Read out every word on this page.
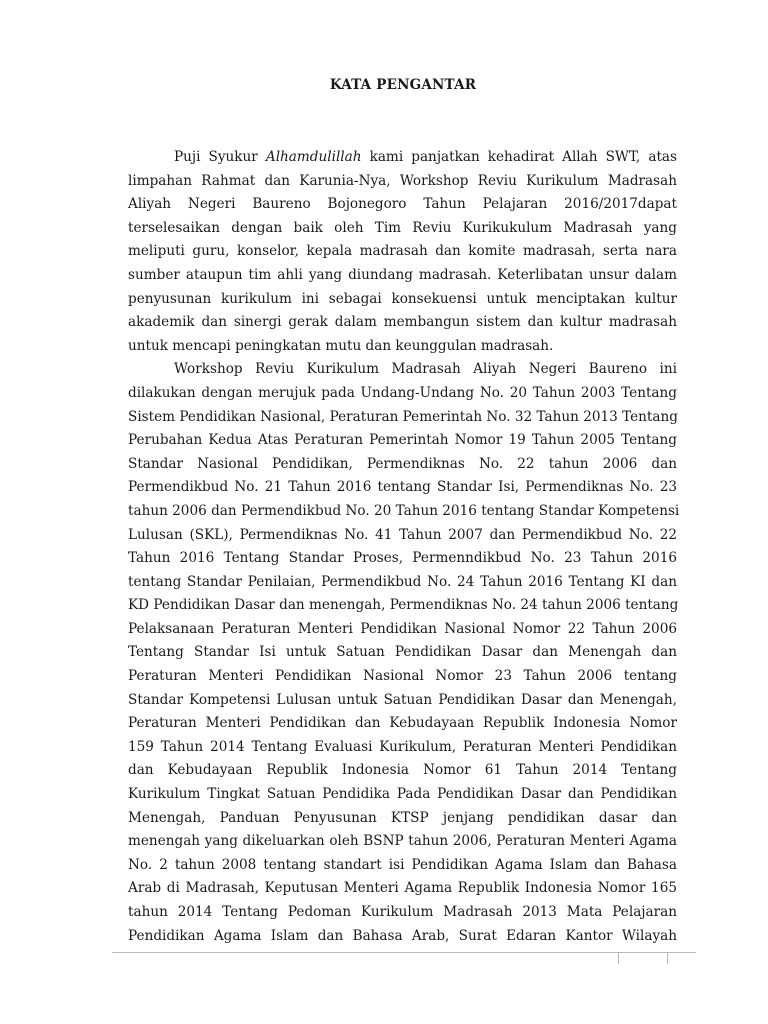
KATA PENGANTAR
Puji Syukur Alhamdulillah kami panjatkan kehadirat Allah SWT, atas
limpahan Rahmat dan Karunia-Nya, Workshop Reviu Kurikulum Madrasah
Aliyah Negeri Baureno Bojonegoro Tahun Pelajaran 2016/2017dapat
terselesaikan dengan baik oleh Tim Reviu Kurikukulum Madrasah yang
meliputi guru, konselor, kepala madrasah dan komite madrasah, serta nara
sumber ataupun tim ahli yang diundang madrasah. Keterlibatan unsur dalam
penyusunan kurikulum ini sebagai konsekuensi untuk menciptakan kultur
akademik dan sinergi gerak dalam membangun sistem dan kultur madrasah
untuk mencapi peningkatan mutu dan keunggulan madrasah.
Workshop Reviu Kurikulum Madrasah Aliyah Negeri Baureno ini
dilakukan dengan merujuk pada Undang-Undang No. 20 Tahun 2003 Tentang
Sistem Pendidikan Nasional, Peraturan Pemerintah No. 32 Tahun 2013 Tentang
Perubahan Kedua Atas Peraturan Pemerintah Nomor 19 Tahun 2005 Tentang
Standar Nasional Pendidikan, Permendiknas No. 22 tahun 2006 dan
Permendikbud No. 21 Tahun 2016 tentang Standar Isi, Permendiknas No. 23
tahun 2006 dan Permendikbud No. 20 Tahun 2016 tentang Standar Kompetensi
Lulusan (SKL), Permendiknas No. 41 Tahun 2007 dan Permendikbud No. 22
Tahun 2016 Tentang Standar Proses, Permenndikbud No. 23 Tahun 2016
tentang Standar Penilaian, Permendikbud No. 24 Tahun 2016 Tentang KI dan
KD Pendidikan Dasar dan menengah, Permendiknas No. 24 tahun 2006 tentang
Pelaksanaan Peraturan Menteri Pendidikan Nasional Nomor 22 Tahun 2006
Tentang Standar Isi untuk Satuan Pendidikan Dasar dan Menengah dan
Peraturan Menteri Pendidikan Nasional Nomor 23 Tahun 2006 tentang
Standar Kompetensi Lulusan untuk Satuan Pendidikan Dasar dan Menengah,
Peraturan Menteri Pendidikan dan Kebudayaan Republik Indonesia Nomor
159 Tahun 2014 Tentang Evaluasi Kurikulum, Peraturan Menteri Pendidikan
dan Kebudayaan Republik Indonesia Nomor 61 Tahun 2014 Tentang
Kurikulum Tingkat Satuan Pendidika Pada Pendidikan Dasar dan Pendidikan
Menengah, Panduan Penyusunan KTSP jenjang pendidikan dasar dan
menengah yang dikeluarkan oleh BSNP tahun 2006, Peraturan Menteri Agama
No. 2 tahun 2008 tentang standart isi Pendidikan Agama Islam dan Bahasa
Arab di Madrasah, Keputusan Menteri Agama Republik Indonesia Nomor 165
tahun 2014 Tentang Pedoman Kurikulum Madrasah 2013 Mata Pelajaran
Pendidikan Agama Islam dan Bahasa Arab, Surat Edaran Kantor Wilayah
